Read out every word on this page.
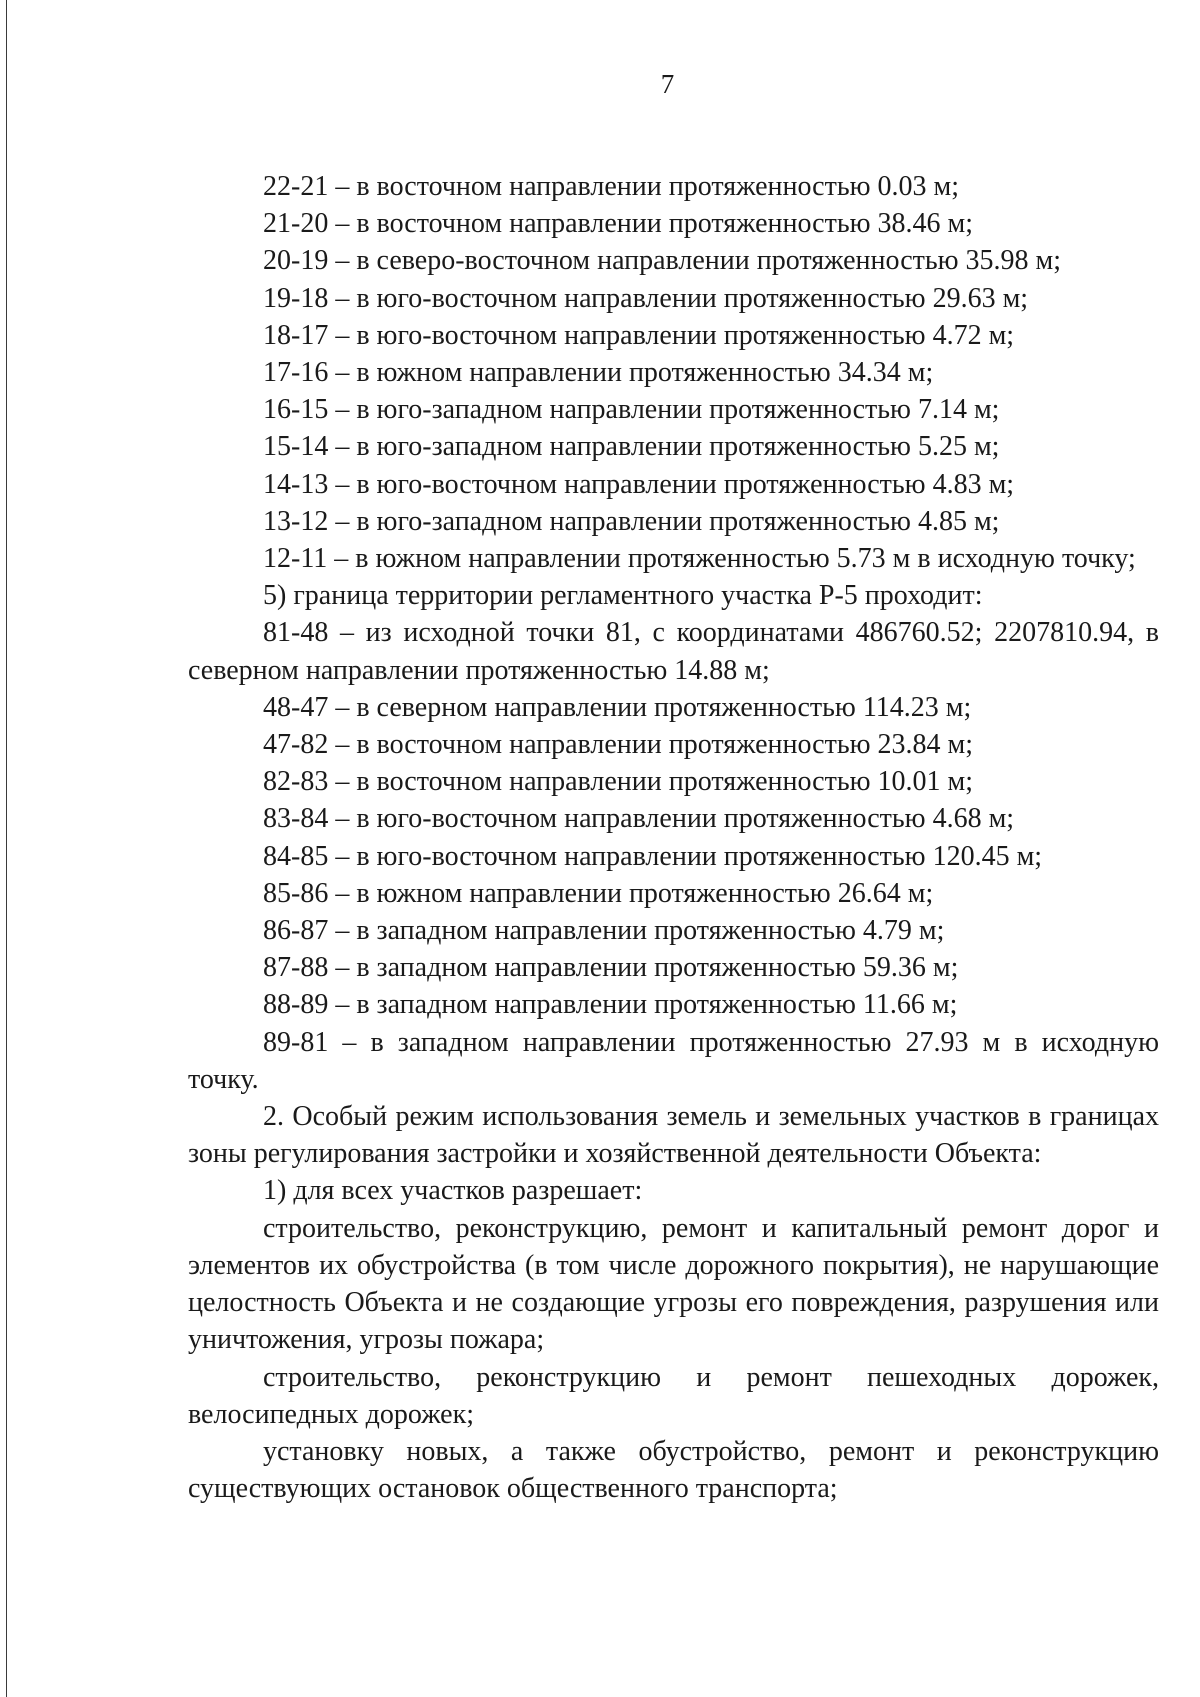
7

22-21 – в восточном направлении протяженностью 0.03 м;

21-20 – в восточном направлении протяженностью 38.46 м;

20-19 – в северо-восточном направлении протяженностью 35.98 м;

19-18 – в юго-восточном направлении протяженностью 29.63 м;

18-17 – в юго-восточном направлении протяженностью 4.72 м;

17-16 – в южном направлении протяженностью 34.34 м;

16-15 – в юго-западном направлении протяженностью 7.14 м;

15-14 – в юго-западном направлении протяженностью 5.25 м;

14-13 – в юго-восточном направлении протяженностью 4.83 м;

13-12 – в юго-западном направлении протяженностью 4.85 м;

12-11 – в южном направлении протяженностью 5.73 м в исходную точку;

5) граница территории регламентного участка Р-5 проходит:

81-48 – из исходной точки 81, с координатами 486760.52; 2207810.94, в северном направлении протяженностью 14.88 м;

48-47 – в северном направлении протяженностью 114.23 м;

47-82 – в восточном направлении протяженностью 23.84 м;

82-83 – в восточном направлении протяженностью 10.01 м;

83-84 – в юго-восточном направлении протяженностью 4.68 м;

84-85 – в юго-восточном направлении протяженностью 120.45 м;

85-86 – в южном направлении протяженностью 26.64 м;

86-87 – в западном направлении протяженностью 4.79 м;

87-88 – в западном направлении протяженностью 59.36 м;

88-89 – в западном направлении протяженностью 11.66 м;

89-81 – в западном направлении протяженностью 27.93 м в исходную точку.

2. Особый режим использования земель и земельных участков в границах зоны регулирования застройки и хозяйственной деятельности Объекта:

1) для всех участков разрешает:

строительство, реконструкцию, ремонт и капитальный ремонт дорог и элементов их обустройства (в том числе дорожного покрытия), не нарушающие целостность Объекта и не создающие угрозы его повреждения, разрушения или уничтожения, угрозы пожара;

строительство, реконструкцию и ремонт пешеходных дорожек, велосипедных дорожек;

установку новых, а также обустройство, ремонт и реконструкцию существующих остановок общественного транспорта;
